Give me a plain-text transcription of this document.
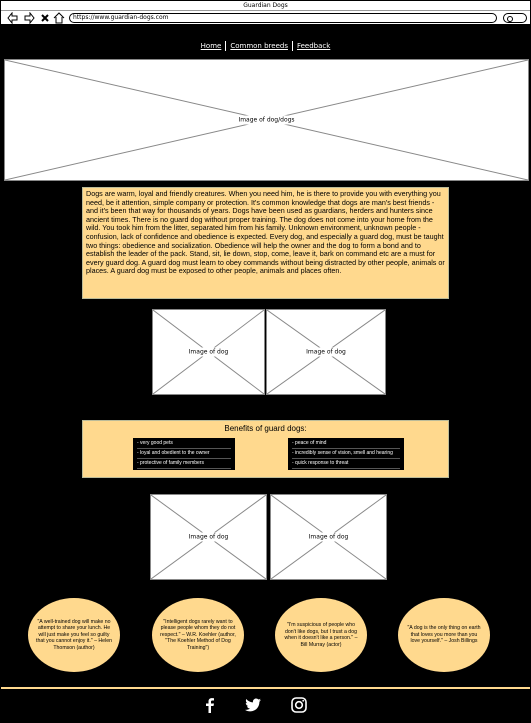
Guardian Dogs
https://www.guardian-dogs.com
Home Common breeds Feedback
Image of dog/dogs
Dogs are warm, loyal and friendly creatures. When you need him, he is there to provide you with everything you need, be it attention, simple company or protection. It's common knowledge that dogs are man's best friends - and it's been that way for thousands of years. Dogs have been used as guardians, herders and hunters since ancient times. There is no guard dog without proper training. The dog does not come into your home from the wild. You took him from the litter, separated him from his family. Unknown environment, unknown people - confusion, lack of confidence and obedience is expected. Every dog, and especially a guard dog, must be taught two things: obedience and socialization. Obedience will help the owner and the dog to form a bond and to establish the leader of the pack. Stand, sit, lie down, stop, come, leave it, bark on command etc are a must for every guard dog. A guard dog must learn to obey commands without being distracted by other people, animals or places. A guard dog must be exposed to other people, animals and places often.
Image of dog	Image of dog
Benefits of guard dogs:
- very good pets
- loyal and obedient to the owner
- protective of family members
- peace of mind
- incredibly sense of vision, smell and hearing
- quick response to threat
Image of dog	Image of dog
"A well-trained dog will make no attempt to share your lunch. He will just make you feel so guilty that you cannot enjoy it." – Helen Thomson (author)
"Intelligent dogs rarely want to please people whom they do not respect." – W.R. Koehler (author, "The Koehler Method of Dog Training")
"I'm suspicious of people who don't like dogs, but I trust a dog when it doesn't like a person." – Bill Murray (actor)
"A dog is the only thing on earth that loves you more than you love yourself." – Josh Billings
